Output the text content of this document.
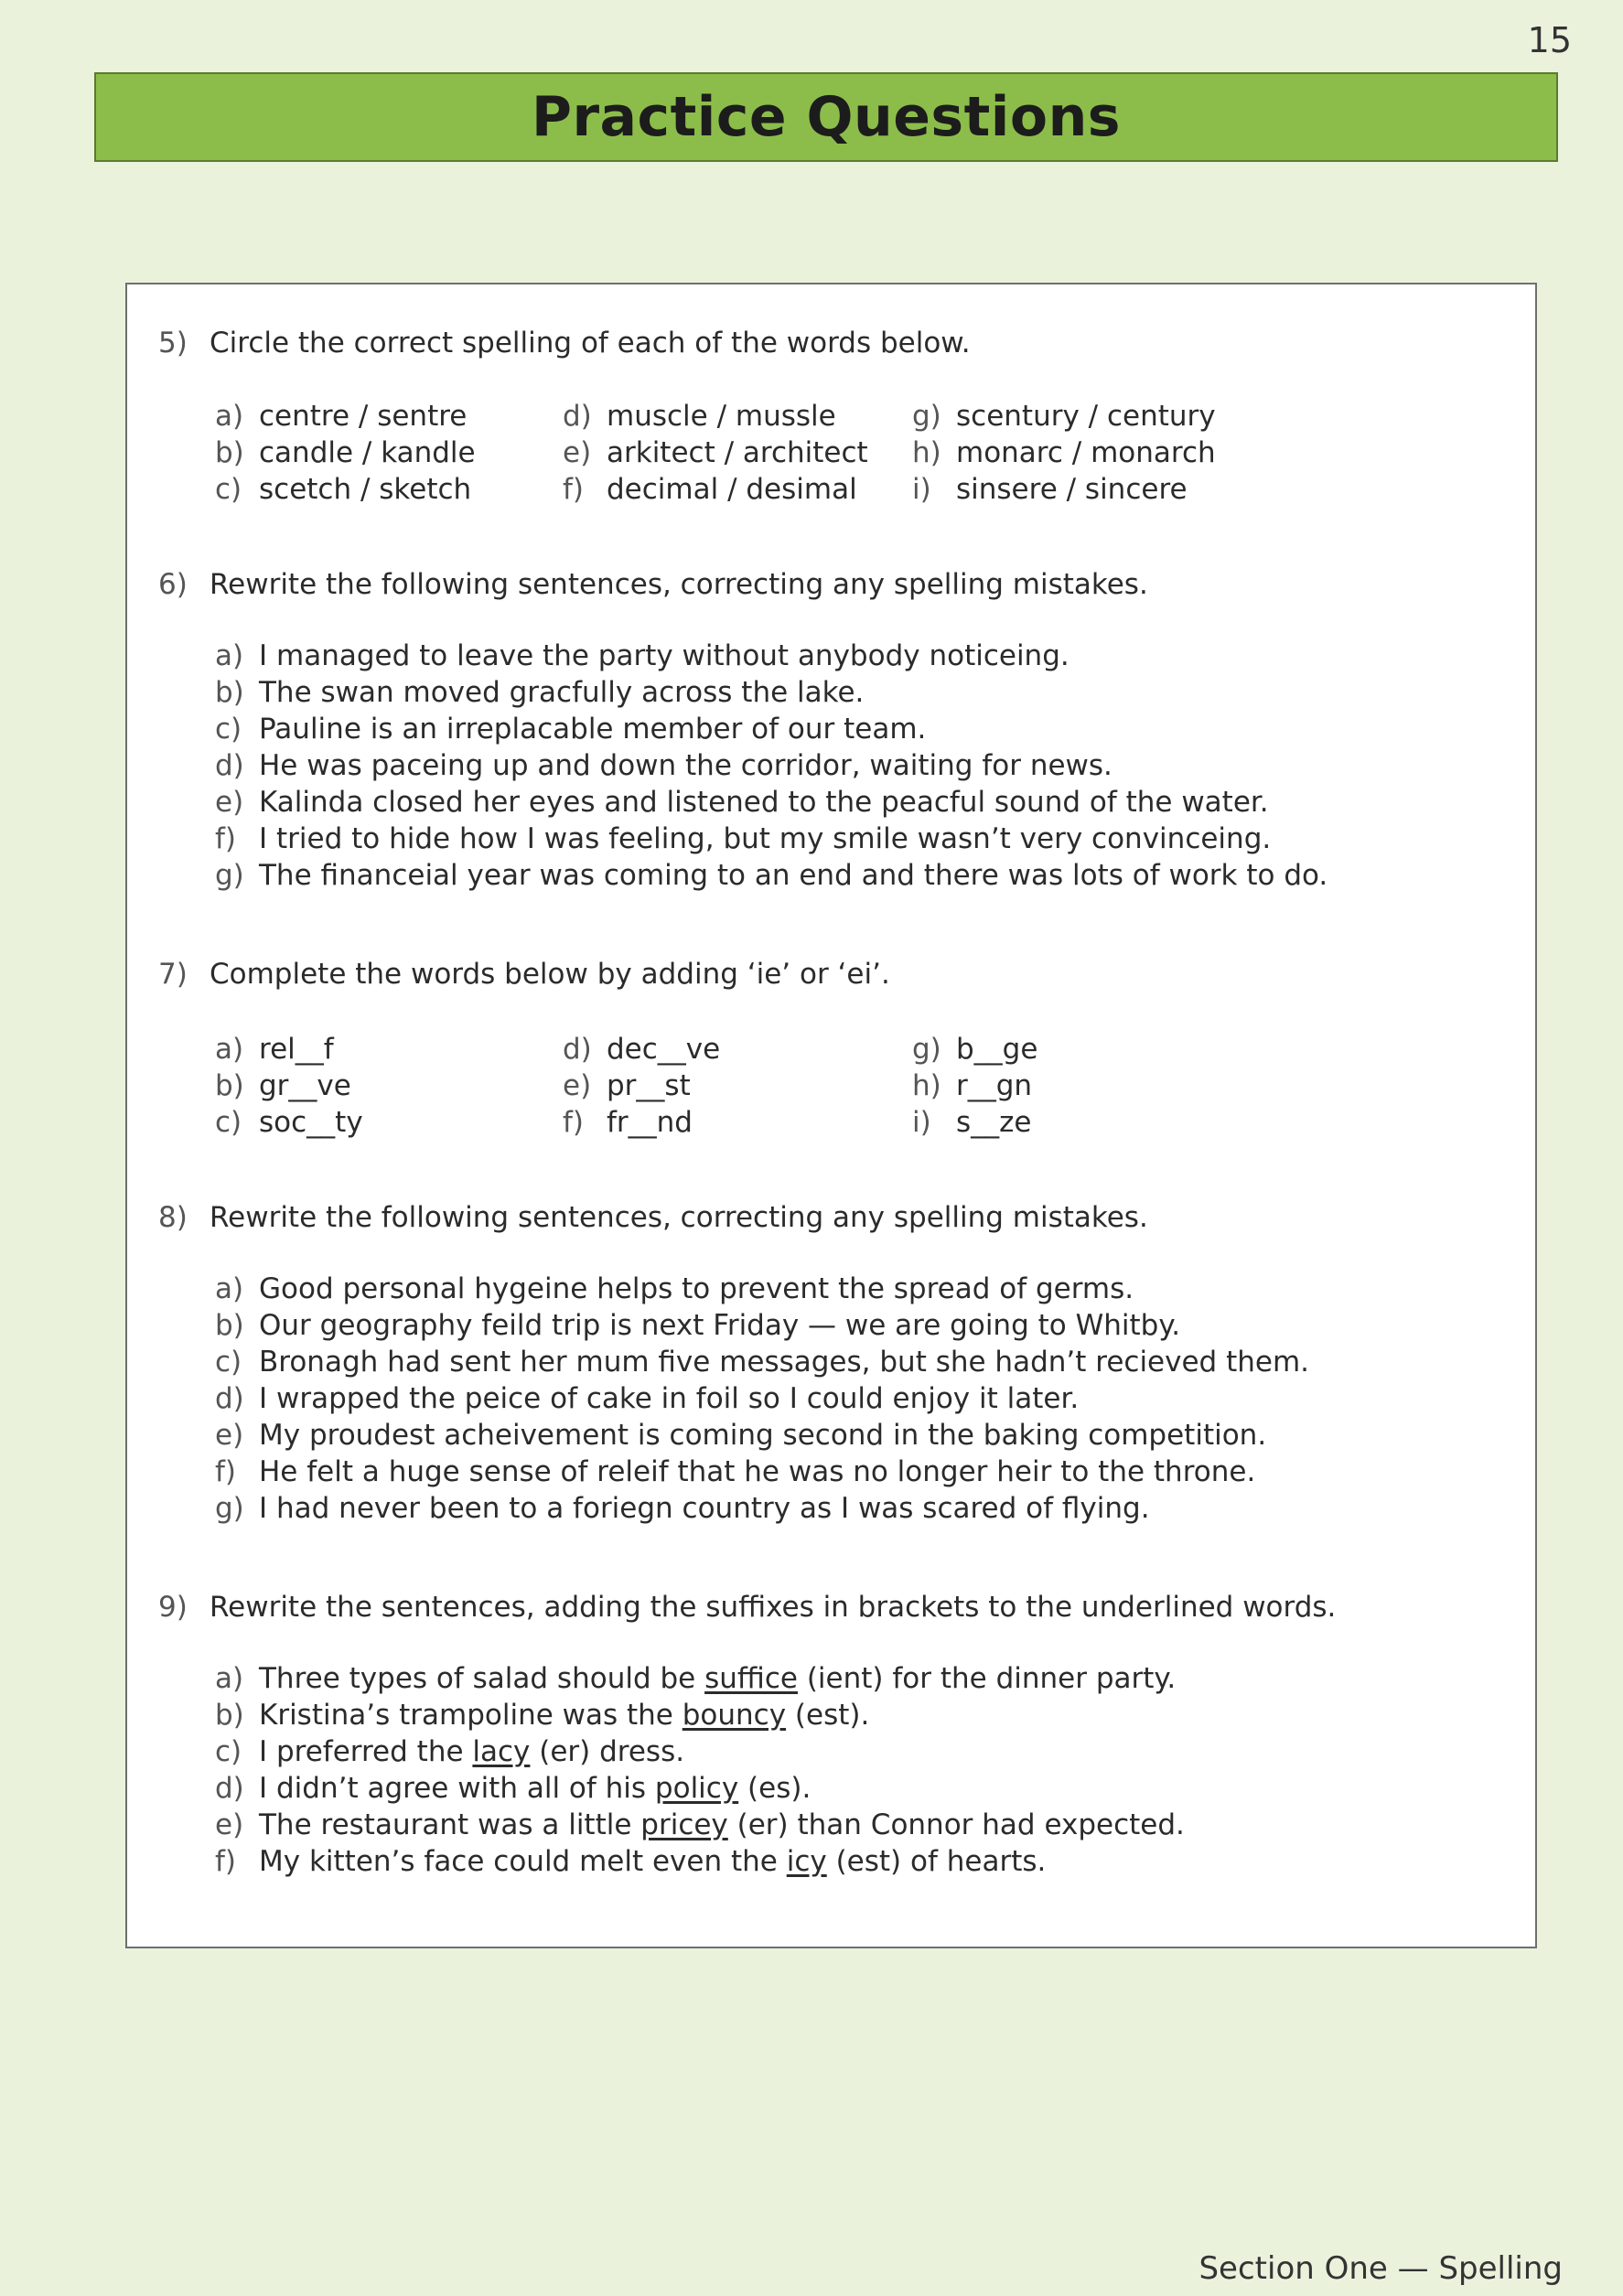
15
Practice Questions
5) Circle the correct spelling of each of the words below.
a) centre / sentre	d) muscle / mussle	g) scentury / century
b) candle / kandle	e) arkitect / architect h) monarc / monarch
c) scetch / sketch	f) decimal / desimal i) sinsere / sincere
6) Rewrite the following sentences, correcting any spelling mistakes.
a) I managed to leave the party without anybody noticeing.
b) The swan moved gracfully across the lake.
c) Pauline is an irreplacable member of our team.
d) He was paceing up and down the corridor, waiting for news.
e) Kalinda closed her eyes and listened to the peacful sound of the water.
f) I tried to hide how I was feeling, but my smile wasn’t very convinceing.
g) The financeial year was coming to an end and there was lots of work to do.
7) Complete the words below by adding ‘ie’ or ‘ei’.
a) rel__f	d) dec__ve	g) b__ge
b) gr__ve	e) pr__st	h) r__gn
c) soc__ty	f) fr__nd	i) s__ze
8) Rewrite the following sentences, correcting any spelling mistakes.
a) Good personal hygeine helps to prevent the spread of germs.
b) Our geography feild trip is next Friday — we are going to Whitby.
c) Bronagh had sent her mum five messages, but she hadn’t recieved them.
d) I wrapped the peice of cake in foil so I could enjoy it later.
e) My proudest acheivement is coming second in the baking competition.
f) He felt a huge sense of releif that he was no longer heir to the throne.
g) I had never been to a foriegn country as I was scared of flying.
9) Rewrite the sentences, adding the suffixes in brackets to the underlined words.
a) Three types of salad should be suffice (ient) for the dinner party.
b) Kristina’s trampoline was the bouncy (est).
c) I preferred the lacy (er) dress.
d) I didn’t agree with all of his policy (es).
e) The restaurant was a little pricey (er) than Connor had expected.
f) My kitten’s face could melt even the icy (est) of hearts.
Section One — Spelling
